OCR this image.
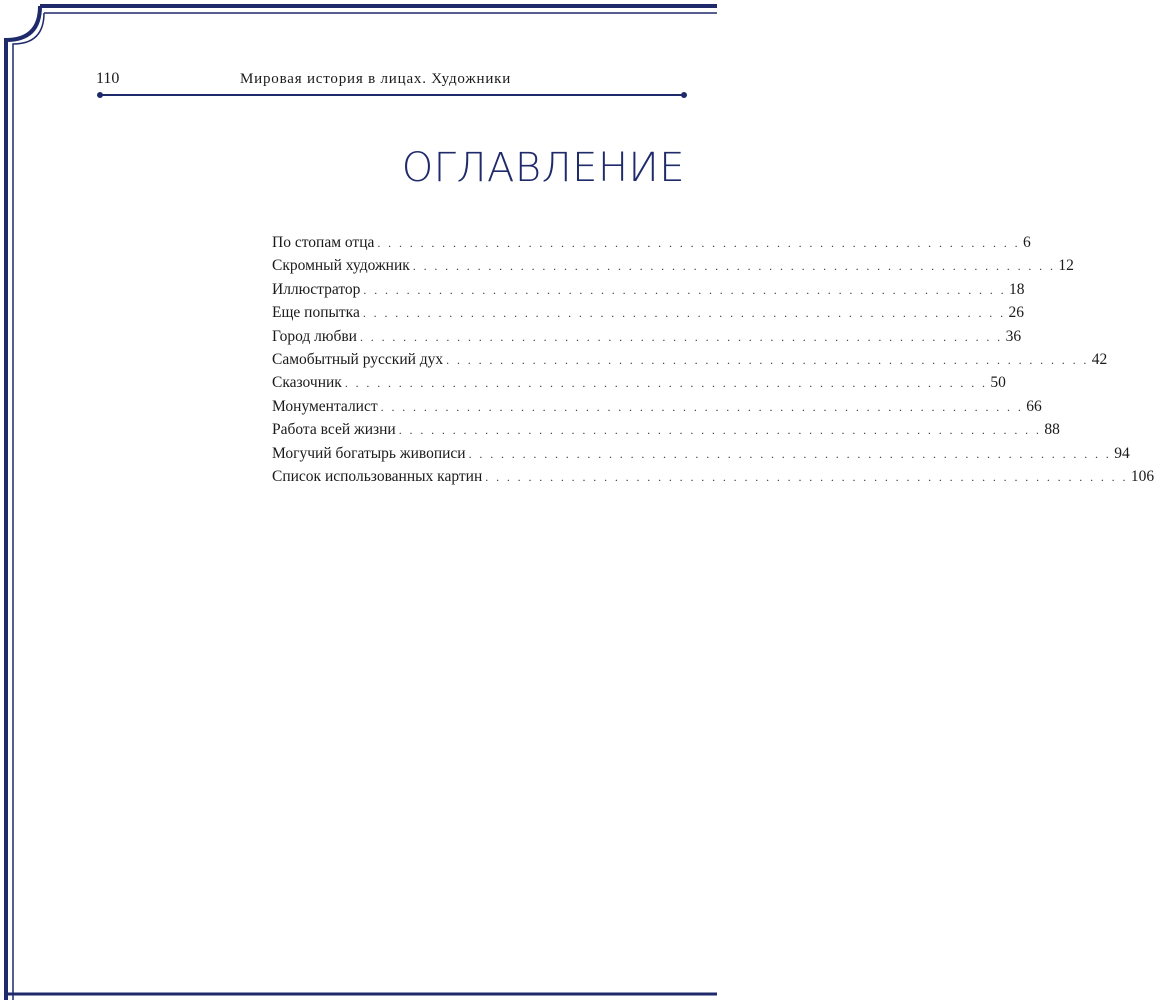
110	Мировая история в лицах. Художники
ОГЛАВЛЕНИЕ
По стопам отца . . . . . . . . . . . . . . . . . . . . . . . . . . . . . . . . . . . . . . . . . . . . . . . . . . . . . . . . . . . . 6
Скромный художник . . . . . . . . . . . . . . . . . . . . . . . . . . . . . . . . . . . . . . . . . . . . . . . . . . . . . . . . . . . . 12
Иллюстратор . . . . . . . . . . . . . . . . . . . . . . . . . . . . . . . . . . . . . . . . . . . . . . . . . . . . . . . . . . . . 18
Еще попытка . . . . . . . . . . . . . . . . . . . . . . . . . . . . . . . . . . . . . . . . . . . . . . . . . . . . . . . . . . . . 26
Город любви . . . . . . . . . . . . . . . . . . . . . . . . . . . . . . . . . . . . . . . . . . . . . . . . . . . . . . . . . . . . 36
Самобытный русский дух . . . . . . . . . . . . . . . . . . . . . . . . . . . . . . . . . . . . . . . . . . . . . . . . . . . . . . . . . . . . 42
Сказочник . . . . . . . . . . . . . . . . . . . . . . . . . . . . . . . . . . . . . . . . . . . . . . . . . . . . . . . . . . . . 50
Монументалист . . . . . . . . . . . . . . . . . . . . . . . . . . . . . . . . . . . . . . . . . . . . . . . . . . . . . . . . . . . . 66
Работа всей жизни . . . . . . . . . . . . . . . . . . . . . . . . . . . . . . . . . . . . . . . . . . . . . . . . . . . . . . . . . . . . 88
Могучий богатырь живописи . . . . . . . . . . . . . . . . . . . . . . . . . . . . . . . . . . . . . . . . . . . . . . . . . . . . . . . . . . . . 94
Список использованных картин . . . . . . . . . . . . . . . . . . . . . . . . . . . . . . . . . . . . . . . . . . . . . . . . . . . . . . . . . . . . 106
